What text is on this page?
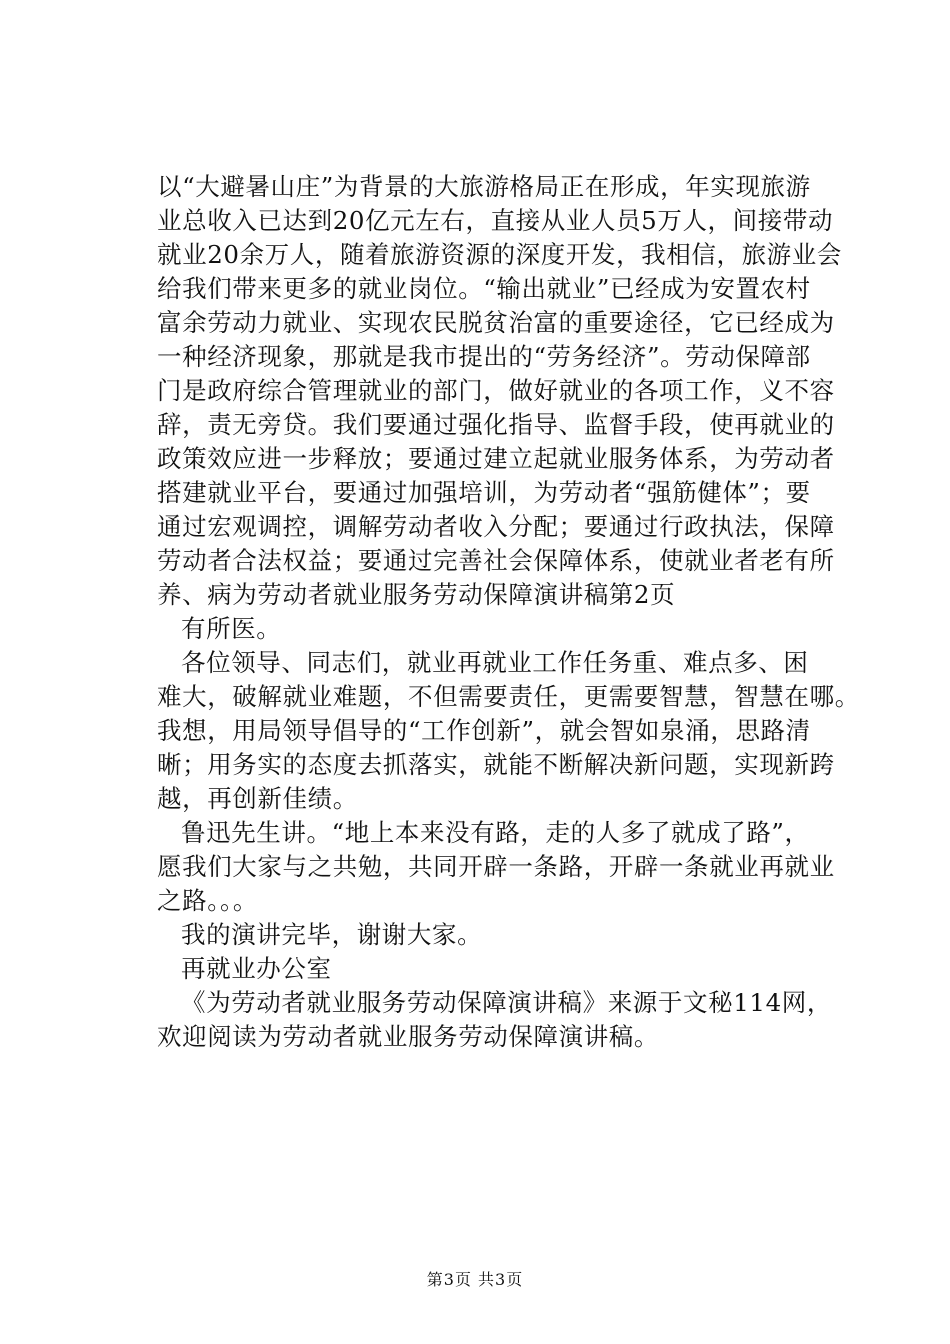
以“大避暑山庄”为背景的大旅游格局正在形成，年实现旅游
业总收入已达到20亿元左右，直接从业人员5万人，间接带动
就业20余万人，随着旅游资源的深度开发，我相信，旅游业会
给我们带来更多的就业岗位。“输出就业”已经成为安置农村
富余劳动力就业、实现农民脱贫治富的重要途径，它已经成为
一种经济现象，那就是我市提出的“劳务经济”。劳动保障部
门是政府综合管理就业的部门，做好就业的各项工作，义不容
辞，责无旁贷。我们要通过强化指导、监督手段，使再就业的
政策效应进一步释放；要通过建立起就业服务体系，为劳动者
搭建就业平台，要通过加强培训，为劳动者“强筋健体”；要
通过宏观调控，调解劳动者收入分配；要通过行政执法，保障
劳动者合法权益；要通过完善社会保障体系，使就业者老有所
养、病为劳动者就业服务劳动保障演讲稿第2页
有所医。
各位领导、同志们，就业再就业工作任务重、难点多、困
难大，破解就业难题，不但需要责任，更需要智慧，智慧在哪。
我想，用局领导倡导的“工作创新”，就会智如泉涌，思路清
晰；用务实的态度去抓落实，就能不断解决新问题，实现新跨
越，再创新佳绩。
鲁迅先生讲。“地上本来没有路，走的人多了就成了路”，
愿我们大家与之共勉，共同开辟一条路，开辟一条就业再就业
之路。。。
我的演讲完毕，谢谢大家。
再就业办公室
《为劳动者就业服务劳动保障演讲稿》来源于文秘114网，
欢迎阅读为劳动者就业服务劳动保障演讲稿。
第3页 共3页
